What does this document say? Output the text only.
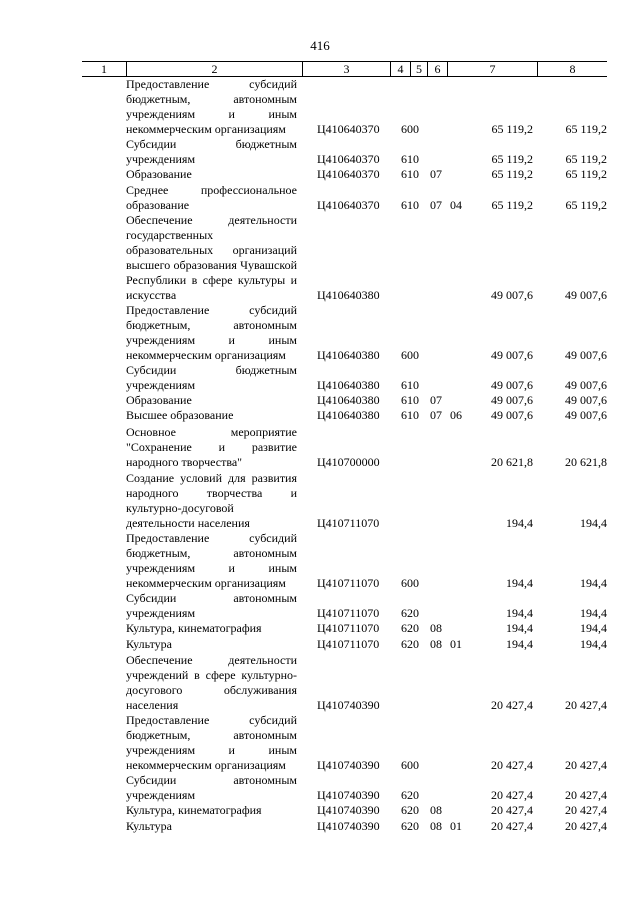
416
1	2	3	4	5	6	7	8
Предоставление субсидий бюджетным, автономным учреждениям и иным некоммерческим организациям	Ц410640370 600	65 119,2	65 119,2
Субсидии бюджетным учреждениям	Ц410640370 610	65 119,2	65 119,2
Образование	Ц410640370 610 07	65 119,2	65 119,2
Среднее профессиональное образование	Ц410640370 610 07 04	65 119,2	65 119,2
Обеспечение деятельности государственных образовательных организаций высшего образования Чувашской Республики в сфере культуры и искусства	Ц410640380	49 007,6	49 007,6
Предоставление субсидий бюджетным, автономным учреждениям и иным некоммерческим организациям	Ц410640380 600	49 007,6	49 007,6
Субсидии бюджетным учреждениям	Ц410640380 610	49 007,6	49 007,6
Образование	Ц410640380 610 07	49 007,6	49 007,6
Высшее образование	Ц410640380 610 07 06	49 007,6	49 007,6
Основное мероприятие "Сохранение и развитие народного творчества"	Ц410700000	20 621,8	20 621,8
Создание условий для развития народного творчества и культурно-досуговой деятельности населения	Ц410711070	194,4	194,4
Предоставление субсидий бюджетным, автономным учреждениям и иным некоммерческим организациям	Ц410711070 600	194,4	194,4
Субсидии автономным учреждениям	Ц410711070 620	194,4	194,4
Культура, кинематография	Ц410711070 620 08	194,4	194,4
Культура	Ц410711070 620 08 01	194,4	194,4
Обеспечение деятельности учреждений в сфере культурно-досугового обслуживания населения	Ц410740390	20 427,4	20 427,4
Предоставление субсидий бюджетным, автономным учреждениям и иным некоммерческим организациям	Ц410740390 600	20 427,4	20 427,4
Субсидии автономным учреждениям	Ц410740390 620	20 427,4	20 427,4
Культура, кинематография	Ц410740390 620 08	20 427,4	20 427,4
Культура	Ц410740390 620 08 01	20 427,4	20 427,4
